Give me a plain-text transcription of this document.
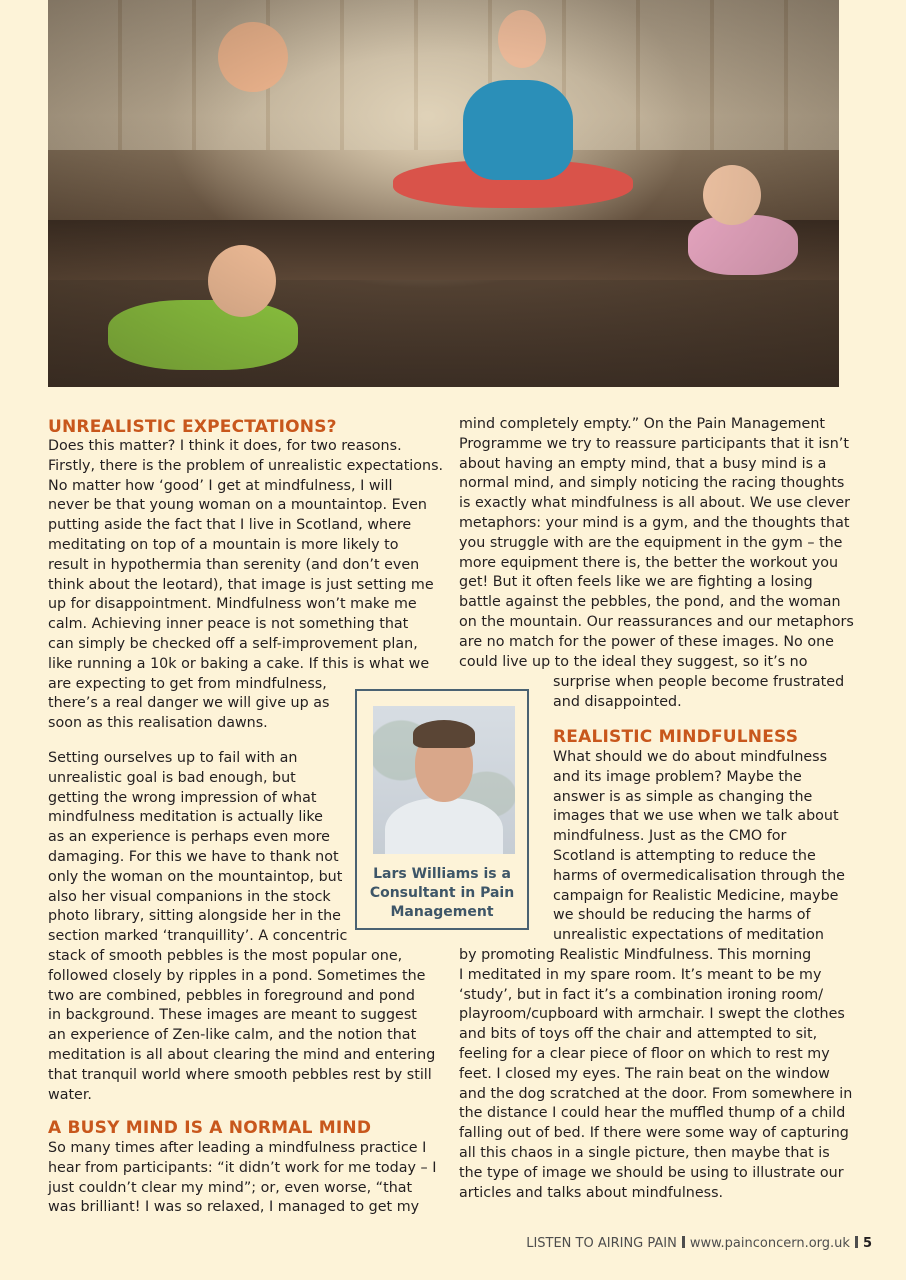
UNREALISTIC EXPECTATIONS?
Does this matter? I think it does, for two reasons.
Firstly, there is the problem of unrealistic expectations.
No matter how ‘good’ I get at mindfulness, I will
never be that young woman on a mountaintop. Even
putting aside the fact that I live in Scotland, where
meditating on top of a mountain is more likely to
result in hypothermia than serenity (and don’t even
think about the leotard), that image is just setting me
up for disappointment. Mindfulness won’t make me
calm. Achieving inner peace is not something that
can simply be checked off a self-improvement plan,
like running a 10k or baking a cake. If this is what we
are expecting to get from mindfulness,
there’s a real danger we will give up as
soon as this realisation dawns.
Setting ourselves up to fail with an
unrealistic goal is bad enough, but
getting the wrong impression of what
mindfulness meditation is actually like
as an experience is perhaps even more
damaging. For this we have to thank not
only the woman on the mountaintop, but
also her visual companions in the stock
photo library, sitting alongside her in the
section marked ‘tranquillity’. A concentric
stack of smooth pebbles is the most popular one,
followed closely by ripples in a pond. Sometimes the
two are combined, pebbles in foreground and pond
in background. These images are meant to suggest
an experience of Zen-like calm, and the notion that
meditation is all about clearing the mind and entering
that tranquil world where smooth pebbles rest by still
water.
A BUSY MIND IS A NORMAL MIND
So many times after leading a mindfulness practice I
hear from participants: “it didn’t work for me today – I
just couldn’t clear my mind”; or, even worse, “that
was brilliant! I was so relaxed, I managed to get my
mind completely empty.” On the Pain Management
Programme we try to reassure participants that it isn’t
about having an empty mind, that a busy mind is a
normal mind, and simply noticing the racing thoughts
is exactly what mindfulness is all about. We use clever
metaphors: your mind is a gym, and the thoughts that
you struggle with are the equipment in the gym – the
more equipment there is, the better the workout you
get! But it often feels like we are fighting a losing
battle against the pebbles, the pond, and the woman
on the mountain. Our reassurances and our metaphors
are no match for the power of these images. No one
could live up to the ideal they suggest, so it’s no
surprise when people become frustrated
and disappointed.
REALISTIC MINDFULNESS
What should we do about mindfulness
and its image problem? Maybe the
answer is as simple as changing the
images that we use when we talk about
mindfulness. Just as the CMO for
Scotland is attempting to reduce the
harms of overmedicalisation through the
campaign for Realistic Medicine, maybe
we should be reducing the harms of
unrealistic expectations of meditation
by promoting Realistic Mindfulness. This morning
I meditated in my spare room. It’s meant to be my
‘study’, but in fact it’s a combination ironing room/
playroom/cupboard with armchair. I swept the clothes
and bits of toys off the chair and attempted to sit,
feeling for a clear piece of floor on which to rest my
feet. I closed my eyes. The rain beat on the window
and the dog scratched at the door. From somewhere in
the distance I could hear the muffled thump of a child
falling out of bed. If there were some way of capturing
all this chaos in a single picture, then maybe that is
the type of image we should be using to illustrate our
articles and talks about mindfulness.
Lars Williams is a
Consultant in Pain
Management
LISTEN TO AIRING PAIN www.painconcern.org.uk 5
